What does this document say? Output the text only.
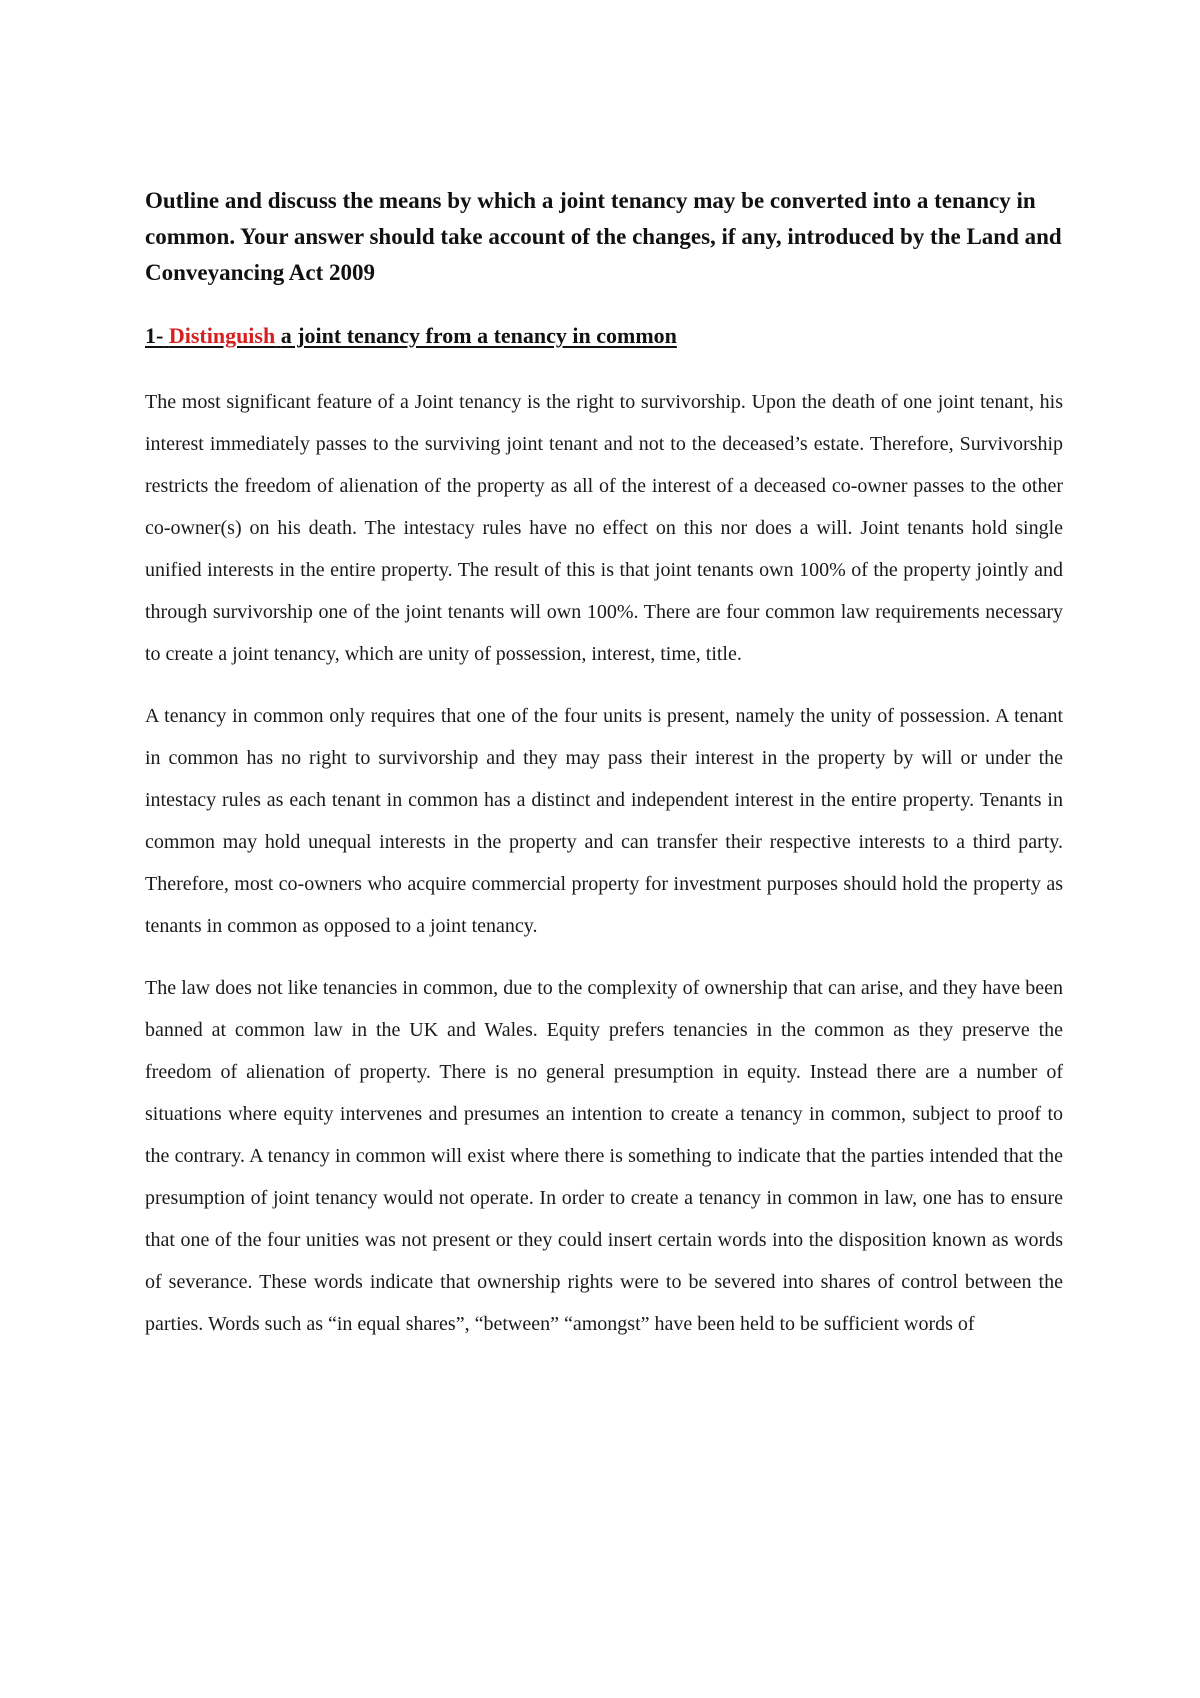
Outline and discuss the means by which a joint tenancy may be converted into a tenancy in common. Your answer should take account of the changes, if any, introduced by the Land and Conveyancing Act 2009
1- Distinguish a joint tenancy from a tenancy in common

The most significant feature of a Joint tenancy is the right to survivorship. Upon the death of one joint tenant, his interest immediately passes to the surviving joint tenant and not to the deceased’s estate. Therefore, Survivorship restricts the freedom of alienation of the property as all of the interest of a deceased co-owner passes to the other co-owner(s) on his death. The intestacy rules have no effect on this nor does a will. Joint tenants hold single unified interests in the entire property. The result of this is that joint tenants own 100% of the property jointly and through survivorship one of the joint tenants will own 100%. There are four common law requirements necessary to create a joint tenancy, which are unity of possession, interest, time, title.

A tenancy in common only requires that one of the four units is present, namely the unity of possession. A tenant in common has no right to survivorship and they may pass their interest in the property by will or under the intestacy rules as each tenant in common has a distinct and independent interest in the entire property. Tenants in common may hold unequal interests in the property and can transfer their respective interests to a third party. Therefore, most co-owners who acquire commercial property for investment purposes should hold the property as tenants in common as opposed to a joint tenancy.

The law does not like tenancies in common, due to the complexity of ownership that can arise, and they have been banned at common law in the UK and Wales. Equity prefers tenancies in the common as they preserve the freedom of alienation of property. There is no general presumption in equity. Instead there are a number of situations where equity intervenes and presumes an intention to create a tenancy in common, subject to proof to the contrary. A tenancy in common will exist where there is something to indicate that the parties intended that the presumption of joint tenancy would not operate. In order to create a tenancy in common in law, one has to ensure that one of the four unities was not present or they could insert certain words into the disposition known as words of severance. These words indicate that ownership rights were to be severed into shares of control between the parties. Words such as “in equal shares”, “between” “amongst” have been held to be sufficient words of
